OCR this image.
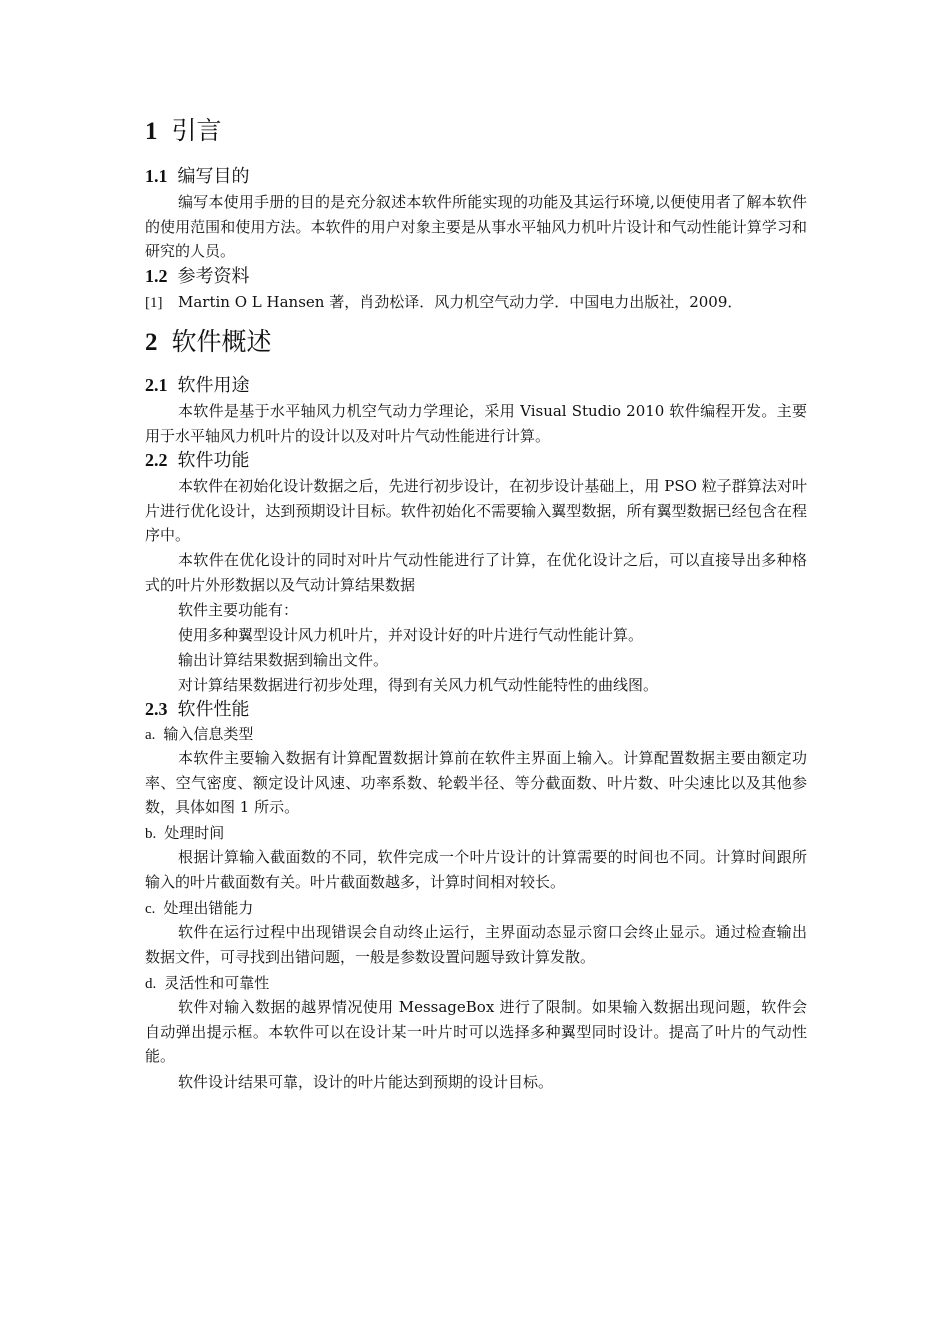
1 引言
1.1 编写目的

编写本使用手册的目的是充分叙述本软件所能实现的功能及其运行环境,以便使用者了解本软件的使用范围和使用方法。本软件的用户对象主要是从事水平轴风力机叶片设计和气动性能计算学习和研究的人员。

1.2 参考资料
[1] Martin O L Hansen 著，肖劲松译．风力机空气动力学．中国电力出版社，2009．
2 软件概述
2.1 软件用途

本软件是基于水平轴风力机空气动力学理论，采用 Visual Studio 2010 软件编程开发。主要用于水平轴风力机叶片的设计以及对叶片气动性能进行计算。

2.2 软件功能

本软件在初始化设计数据之后，先进行初步设计，在初步设计基础上，用 PSO 粒子群算法对叶片进行优化设计，达到预期设计目标。软件初始化不需要输入翼型数据，所有翼型数据已经包含在程序中。

本软件在优化设计的同时对叶片气动性能进行了计算，在优化设计之后，可以直接导出多种格式的叶片外形数据以及气动计算结果数据

软件主要功能有：

使用多种翼型设计风力机叶片，并对设计好的叶片进行气动性能计算。

输出计算结果数据到输出文件。

对计算结果数据进行初步处理，得到有关风力机气动性能特性的曲线图。

2.3 软件性能
a. 输入信息类型

本软件主要输入数据有计算配置数据计算前在软件主界面上输入。计算配置数据主要由额定功率、空气密度、额定设计风速、功率系数、轮毂半径、等分截面数、叶片数、叶尖速比以及其他参数，具体如图 1 所示。

b. 处理时间

根据计算输入截面数的不同，软件完成一个叶片设计的计算需要的时间也不同。计算时间跟所输入的叶片截面数有关。叶片截面数越多，计算时间相对较长。

c. 处理出错能力

软件在运行过程中出现错误会自动终止运行，主界面动态显示窗口会终止显示。通过检查输出数据文件，可寻找到出错问题，一般是参数设置问题导致计算发散。

d. 灵活性和可靠性

软件对输入数据的越界情况使用 MessageBox 进行了限制。如果输入数据出现问题，软件会自动弹出提示框。本软件可以在设计某一叶片时可以选择多种翼型同时设计。提高了叶片的气动性能。

软件设计结果可靠，设计的叶片能达到预期的设计目标。
